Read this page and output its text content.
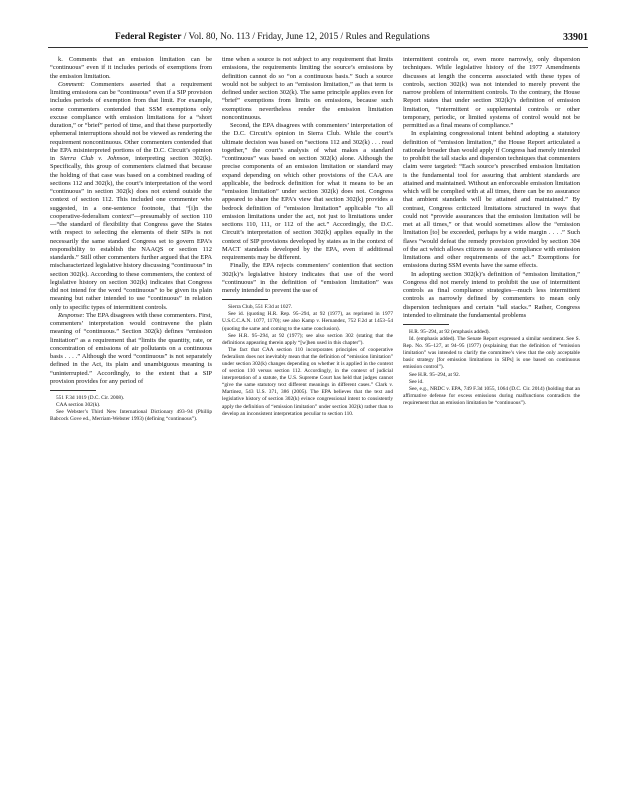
Federal Register / Vol. 80, No. 113 / Friday, June 12, 2015 / Rules and Regulations	33901

k. Comments that an emission limitation can be “continuous” even if it includes periods of exemptions from the emission limitation.

Comment: Commenters asserted that a requirement limiting emissions can be “continuous” even if a SIP provision includes periods of exemption from that limit. For example, some commenters contended that SSM exemptions only excuse compliance with emission limitations for a “short duration,” or “brief” period of time, and that these purportedly ephemeral interruptions should not be viewed as rendering the requirement noncontinuous. Other commenters contended that the EPA misinterpreted portions of the D.C. Circuit’s opinion in Sierra Club v. Johnson, interpreting section 302(k). Specifically, this group of commenters claimed that because the holding of that case was based on a combined reading of sections 112 and 302(k), the court’s interpretation of the word “continuous” in section 302(k) does not extend outside the context of section 112. This included one commenter who suggested, in a one-sentence footnote, that “[i]n the cooperative-federalism context”—presumably of section 110—“the standard of flexibility that Congress gave the States with respect to selecting the elements of their SIPs is not necessarily the same standard Congress set to govern EPA’s responsibility to establish the NAAQS or section 112 standards.” Still other commenters further argued that the EPA mischaracterized legislative history discussing “continuous” in section 302(k). According to these commenters, the context of legislative history on section 302(k) indicates that Congress did not intend for the word “continuous” to be given its plain meaning but rather intended to use “continuous” in relation only to specific types of intermittent controls.

Response: The EPA disagrees with these commenters. First, commenters’ interpretation would contravene the plain meaning of “continuous.” Section 302(k) defines “emission limitation” as a requirement that “limits the quantity, rate, or concentration of emissions of air pollutants on a continuous basis . . . .” Although the word “continuous” is not separately defined in the Act, its plain and unambiguous meaning is “uninterrupted.” Accordingly, to the extent that a SIP provision provides for any period of

551 F.3d 1019 (D.C. Cir. 2008).

CAA section 302(k).

See Webster’s Third New International Dictionary 493–94 (Phillip Babcock Gove ed., Merriam-Webster 1993) (defining “continuous”).

time when a source is not subject to any requirement that limits emissions, the requirements limiting the source’s emissions by definition cannot do so “on a continuous basis.” Such a source would not be subject to an “emission limitation,” as that term is defined under section 302(k). The same principle applies even for “brief” exemptions from limits on emissions, because such exemptions nevertheless render the emission limitation noncontinuous.

Second, the EPA disagrees with commenters’ interpretation of the D.C. Circuit’s opinion in Sierra Club. While the court’s ultimate decision was based on “sections 112 and 302(k) . . . read together,” the court’s analysis of what makes a standard “continuous” was based on section 302(k) alone. Although the precise components of an emission limitation or standard may expand depending on which other provisions of the CAA are applicable, the bedrock definition for what it means to be an “emission limitation” under section 302(k) does not. Congress appeared to share the EPA’s view that section 302(k) provides a bedrock definition of “emission limitation” applicable “to all emission limitations under the act, not just to limitations under sections 110, 111, or 112 of the act.” Accordingly, the D.C. Circuit’s interpretation of section 302(k) applies equally in the context of SIP provisions developed by states as in the context of MACT standards developed by the EPA, even if additional requirements may be different.

Finally, the EPA rejects commenters’ contention that section 302(k)’s legislative history indicates that use of the word “continuous” in the definition of “emission limitation” was merely intended to prevent the use of

Sierra Club, 551 F.3d at 1027.

See id. (quoting H.R. Rep. 95–294, at 92 (1977), as reprinted in 1977 U.S.C.C.A.N. 1077, 1170); see also Kamp v. Hernandez, 752 F.2d at 1453–54 (quoting the same and coming to the same conclusion).

See H.R. 95–294, at 92 (1977); see also section 302 (stating that the definitions appearing therein apply “[w]hen used in this chapter”).

The fact that CAA section 110 incorporates principles of cooperative federalism does not inevitably mean that the definition of “emission limitation” under section 302(k) changes depending on whether it is applied in the context of section 110 versus section 112. Accordingly, in the context of judicial interpretation of a statute, the U.S. Supreme Court has held that judges cannot “give the same statutory text different meanings in different cases.” Clark v. Martinez, 543 U.S. 371, 386 (2005). The EPA believes that the text and legislative history of section 302(k) evince congressional intent to consistently apply the definition of “emission limitation” under section 302(k) rather than to develop an inconsistent interpretation peculiar to section 110.

intermittent controls or, even more narrowly, only dispersion techniques. While legislative history of the 1977 Amendments discusses at length the concerns associated with these types of controls, section 302(k) was not intended to merely prevent the narrow problem of intermittent controls. To the contrary, the House Report states that under section 302(k)’s definition of emission limitation, “intermittent or supplemental controls or other temporary, periodic, or limited systems of control would not be permitted as a final means of compliance.”

In explaining congressional intent behind adopting a statutory definition of “emission limitation,” the House Report articulated a rationale broader than would apply if Congress had merely intended to prohibit the tall stacks and dispersion techniques that commenters claim were targeted: “Each source’s prescribed emission limitation is the fundamental tool for assuring that ambient standards are attained and maintained. Without an enforceable emission limitation which will be complied with at all times, there can be no assurance that ambient standards will be attained and maintained.” By contrast, Congress criticized limitations structured in ways that could not “provide assurances that the emission limitation will be met at all times,” or that would sometimes allow the “emission limitation [to] be exceeded, perhaps by a wide margin . . . .” Such flaws “would defeat the remedy provision provided by section 304 of the act which allows citizens to assure compliance with emission limitations and other requirements of the act.” Exemptions for emissions during SSM events have the same effects.

In adopting section 302(k)’s definition of “emission limitation,” Congress did not merely intend to prohibit the use of intermittent controls as final compliance strategies—much less intermittent controls as narrowly defined by commenters to mean only dispersion techniques and certain “tall stacks.” Rather, Congress intended to eliminate the fundamental problems

H.R. 95–294, at 92 (emphasis added).

Id. (emphasis added). The Senate Report expressed a similar sentiment. See S. Rep. No. 95–127, at 94–95 (1977) (explaining that the definition of “emission limitation” was intended to clarify the committee’s view that the only acceptable basic strategy [for emission limitations in SIPs] is one based on continuous emission control”).

See H.R. 95–294, at 92.

See id.

See, e.g., NRDC v. EPA, 749 F.3d 1055, 1064 (D.C. Cir. 2014) (holding that an affirmative defense for excess emissions during malfunctions contradicts the requirement that an emission limitation be “continuous”).
